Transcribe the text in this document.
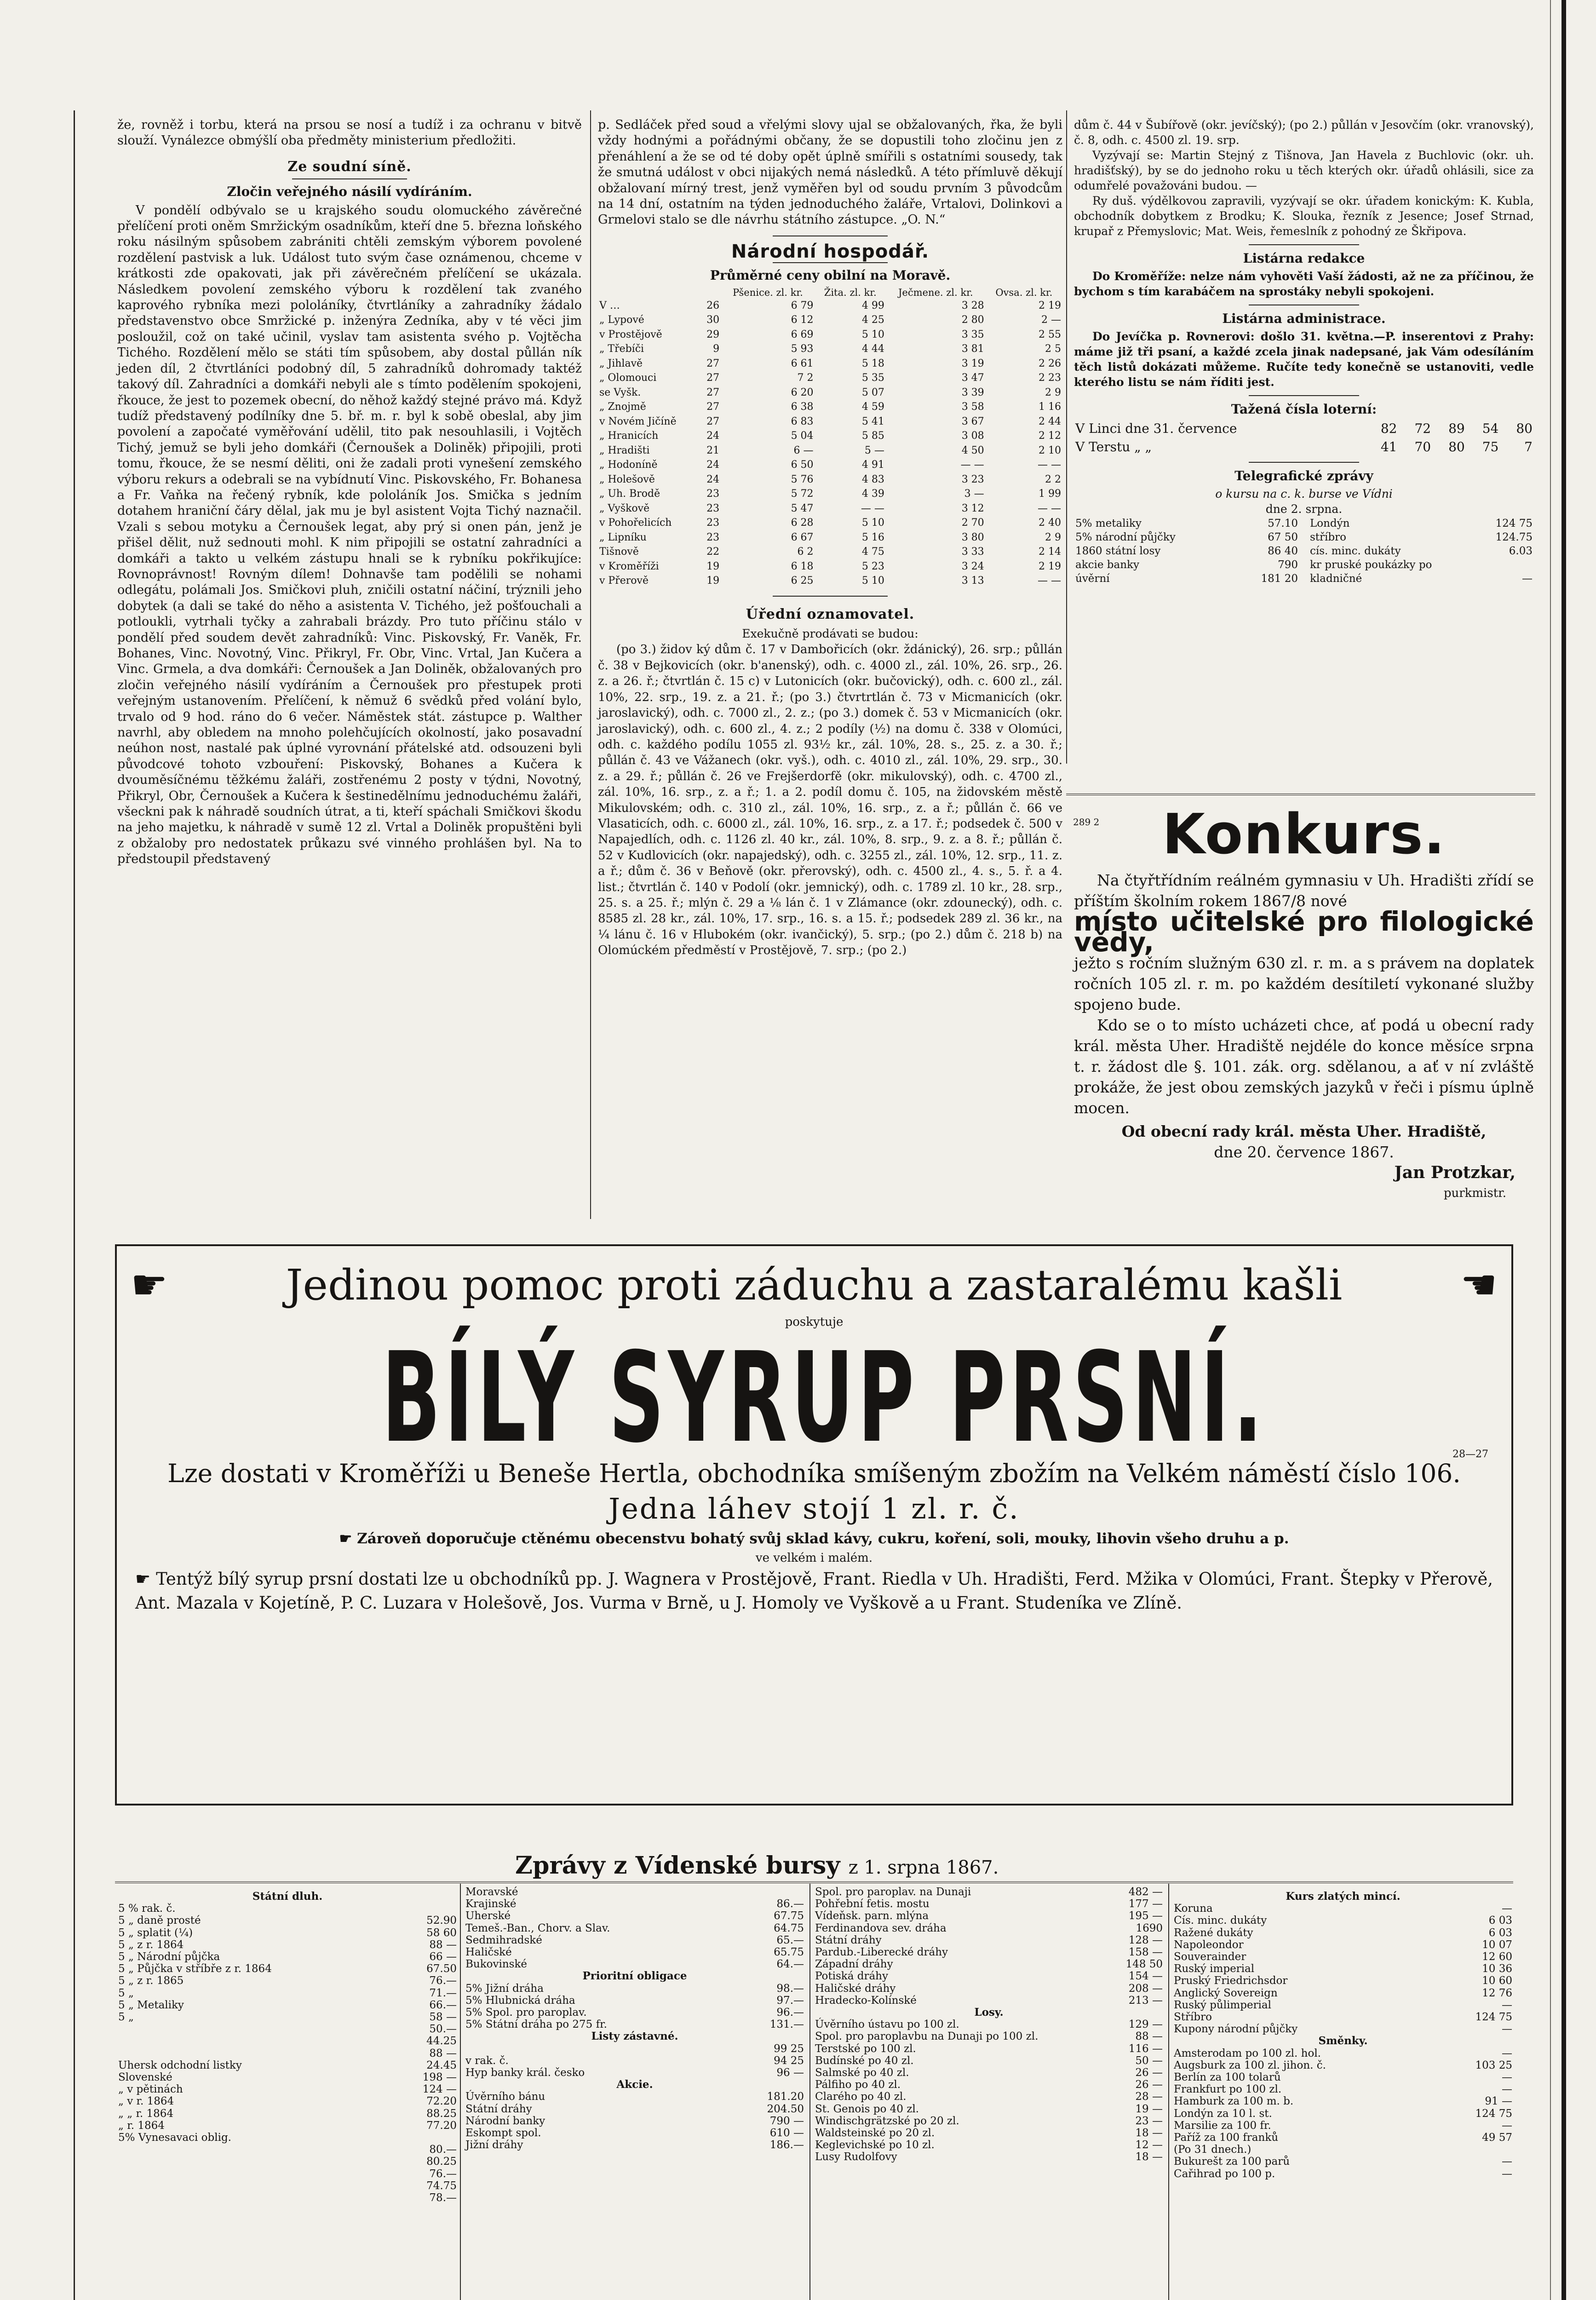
že, rovněž i torbu, která na prsou se nosí a tudíž i za ochranu v bitvě slouží. Vynálezce obmýšlí oba předměty ministerium předložiti.

Ze soudní síně.
Zločin veřejného násilí vydíráním.

V pondělí odbývalo se u krajského soudu olomuckého závěrečné přelíčení proti oněm Smržickým osadníkům, kteří dne 5. března loňského roku násilným spůsobem zabrániti chtěli zemským výborem povolené rozdělení pastvisk a luk. Událost tuto svým čase oznámenou, chceme v krátkosti zde opakovati, jak při závěrečném přelíčení se ukázala. Následkem povolení zemského výboru k rozdělení tak zvaného kaprového rybníka mezi pololáníky, čtvrtláníky a zahradníky žádalo představenstvo obce Smržické p. inženýra Zedníka, aby v té věci jim posloužil, což on také učinil, vyslav tam asistenta svého p. Vojtěcha Tichého. Rozdělení mělo se státi tím spůsobem, aby dostal půllán ník jeden díl, 2 čtvrtláníci podobný díl, 5 zahradníků dohromady taktéž takový díl. Zahradníci a domkáři nebyli ale s tímto podělením spokojeni, řkouce, že jest to pozemek obecní, do něhož každý stejné právo má. Když tudíž představený podílníky dne 5. bř. m. r. byl k sobě obeslal, aby jim povolení a započaté vyměřování udělil, tito pak nesouhlasili, i Vojtěch Tichý, jemuž se byli jeho domkáři (Černoušek a Doliněk) připojili, proti tomu, řkouce, že se nesmí děliti, oni že zadali proti vynešení zemského výboru rekurs a odebrali se na vybídnutí Vinc. Piskovského, Fr. Bohanesa a Fr. Vaňka na řečený rybník, kde pololáník Jos. Smička s jedním dotahem hraniční čáry dělal, jak mu je byl asistent Vojta Tichý naznačil. Vzali s sebou motyku a Černoušek legat, aby prý si onen pán, jenž je přišel dělit, nuž sednouti mohl. K nim připojili se ostatní zahradníci a domkáři a takto u velkém zástupu hnali se k rybníku pokřikujíce: Rovnoprávnost! Rovným dílem! Dohnavše tam podělili se nohami odlegátu, polámali Jos. Smičkovi pluh, zničili ostatní náčiní, trýznili jeho dobytek (a dali se také do něho a asistenta V. Tichého, jež pošťouchali a potloukli, vytrhali tyčky a zahrabali brázdy. Pro tuto příčinu stálo v pondělí před soudem devět zahradníků: Vinc. Piskovský, Fr. Vaněk, Fr. Bohanes, Vinc. Novotný, Vinc. Přikryl, Fr. Obr, Vinc. Vrtal, Jan Kučera a Vinc. Grmela, a dva domkáři: Černoušek a Jan Doliněk, obžalovaných pro zločin veřejného násilí vydíráním a Černoušek pro přestupek proti veřejným ustanovením. Přelíčení, k němuž 6 svědků před volání bylo, trvalo od 9 hod. ráno do 6 večer. Náměstek stát. zástupce p. Walther navrhl, aby obledem na mnoho polehčujících okolností, jako posavadní neúhon nost, nastalé pak úplné vyrovnání přátelské atd. odsouzeni byli původcové tohoto vzbouření: Piskovský, Bohanes a Kučera k dvouměsíčnému těžkému žaláři, zostřenému 2 posty v týdni, Novotný, Přikryl, Obr, Černoušek a Kučera k šestinedělnímu jednoduchému žaláři, všeckni pak k náhradě soudních útrat, a ti, kteří spáchali Smičkovi škodu na jeho majetku, k náhradě v sumě 12 zl. Vrtal a Doliněk propuštěni byli z obžaloby pro nedostatek průkazu své vinného prohlášen byl. Na to předstoupil představený

p. Sedláček před soud a vřelými slovy ujal se obžalovaných, řka, že byli vždy hodnými a pořádnými občany, že se dopustili toho zločinu jen z přenáhlení a že se od té doby opět úplně smířili s ostatními sousedy, tak že smutná událost v obci nijakých nemá následků. A této přímluvě děkují obžalovaní mírný trest, jenž vyměřen byl od soudu prvním 3 původcům na 14 dní, ostatním na týden jednoduchého žaláře, Vrtalovi, Dolinkovi a Grmelovi stalo se dle návrhu státního zástupce. „O. N.“

Národní hospodář.
Průměrné ceny obilní na Moravě.
		Pšenice. zl. kr.	Žita. zl. kr.	Ječmene. zl. kr.	Ovsa. zl. kr.
V …	26	6 79	4 99	3 28	2 19
„ Lypové	30	6 12	4 25	2 80	2 —
v Prostějově	29	6 69	5 10	3 35	2 55
„ Třebíči	9	5 93	4 44	3 81	2 5
„ Jihlavě	27	6 61	5 18	3 19	2 26
„ Olomouci	27	7 2	5 35	3 47	2 23
se Vyšk.	27	6 20	5 07	3 39	2 9
„ Znojmě	27	6 38	4 59	3 58	1 16
v Novém Jičíně	27	6 83	5 41	3 67	2 44
„ Hranicích	24	5 04	5 85	3 08	2 12
„ Hradišti	21	6 —	5 —	4 50	2 10
„ Hodoníně	24	6 50	4 91	— —	— —
„ Holešově	24	5 76	4 83	3 23	2 2
„ Uh. Brodě	23	5 72	4 39	3 —	1 99
„ Vyškově	23	5 47	— —	3 12	— —
v Pohořelicích	23	6 28	5 10	2 70	2 40
„ Lipníku	23	6 67	5 16	3 80	2 9
Tišnově	22	6 2	4 75	3 33	2 14
v Kroměříži	19	6 18	5 23	3 24	2 19
v Přerově	19	6 25	5 10	3 13	— —
Úřední oznamovatel.
Exekučně prodávati se budou:

(po 3.) židov ký dům č. 17 v Dambořicích (okr. ždánický), 26. srp.; půllán č. 38 v Bejkovicích (okr. b'anenský), odh. c. 4000 zl., zál. 10%, 26. srp., 26. z. a 26. ř.; čtvrtlán č. 15 c) v Lutonicích (okr. bučovický), odh. c. 600 zl., zál. 10%, 22. srp., 19. z. a 21. ř.; (po 3.) čtvrtrtlán č. 73 v Micmanicích (okr. jaroslavický), odh. c. 7000 zl., 2. z.; (po 3.) domek č. 53 v Micmanicích (okr. jaroslavický), odh. c. 600 zl., 4. z.; 2 podíly (½) na domu č. 338 v Olomúci, odh. c. každého podílu 1055 zl. 93½ kr., zál. 10%, 28. s., 25. z. a 30. ř.; půllán č. 43 ve Vážanech (okr. vyš.), odh. c. 4010 zl., zál. 10%, 29. srp., 30. z. a 29. ř.; půllán č. 26 ve Frejšerdorfě (okr. mikulovský), odh. c. 4700 zl., zál. 10%, 16. srp., z. a ř.; 1. a 2. podíl domu č. 105, na židovském městě Mikulovském; odh. c. 310 zl., zál. 10%, 16. srp., z. a ř.; půllán č. 66 ve Vlasaticích, odh. c. 6000 zl., zál. 10%, 16. srp., z. a 17. ř.; podsedek č. 500 v Napajedlích, odh. c. 1126 zl. 40 kr., zál. 10%, 8. srp., 9. z. a 8. ř.; půllán č. 52 v Kudlovicích (okr. napajedský), odh. c. 3255 zl., zál. 10%, 12. srp., 11. z. a ř.; dům č. 36 v Beňově (okr. přerovský), odh. c. 4500 zl., 4. s., 5. ř. a 4. list.; čtvrtlán č. 140 v Podolí (okr. jemnický), odh. c. 1789 zl. 10 kr., 28. srp., 25. s. a 25. ř.; mlýn č. 29 a ⅛ lán č. 1 v Zlámance (okr. zdounecký), odh. c. 8585 zl. 28 kr., zál. 10%, 17. srp., 16. s. a 15. ř.; podsedek 289 zl. 36 kr., na ¼ lánu č. 16 v Hlubokém (okr. ivančický), 5. srp.; (po 2.) dům č. 218 b) na Olomúckém předměstí v Prostějově, 7. srp.; (po 2.)

dům č. 44 v Šubířově (okr. jevíčský); (po 2.) půllán v Jesovčím (okr. vranovský), č. 8, odh. c. 4500 zl. 19. srp.

Vyzývají se: Martin Stejný z Tišnova, Jan Havela z Buchlovic (okr. uh. hradišťský), by se do jednoho roku u těch kterých okr. úřadů ohlásili, sice za odumřelé považováni budou. —

Ry duš. výdělkovou zapravili, vyzývají se okr. úřadem konickým: K. Kubla, obchodník dobytkem z Brodku; K. Sloukа, řezník z Jesence; Josef Strnad, krupař z Přemyslovic; Mat. Weis, řemeslník z pohodný ze Škřipova.

Listárna redakce

Do Kroměříže: nelze nám vyhověti Vaší žádosti, až ne za příčinou, že bychom s tím karabáčem na sprostáky nebyli spokojeni.

Listárna administrace.

Do Jevíčka p. Rovnerovi: došlo 31. května.—P. inserentovi z Prahy: máme již tři psaní, a každé zcela jinak nadepsané, jak Vám odesíláním těch listů dokázati můžeme. Ručíte tedy konečně se ustanoviti, vedle kterého listu se nám říditi jest.

Tažená čísla loterní:
V Linci dne 31. července	82	72	89	54	80
V Terstu „ „	41	70	80	75	7
Telegrafické zprávy
o kursu na c. k. burse ve Vídni
dne 2. srpna.
5% metaliky	57.10
5% národní půjčky	67 50
1860 státní losy	86 40
akcie banky	790
úvěrní	181 20
Londýn	124 75
stříbro	124.75
cís. minc. dukáty	6.03
kr pruské poukázky po	
kladničné	—
289 2	Konkurs.
Na čtyřtřídním reálném gymnasiu v Uh. Hradišti zřídí se příštím školním rokem 1867/8 nové
místo učitelské pro filologické vědy,
ježto s ročním služným 630 zl. r. m. a s právem na doplatek ročních 105 zl. r. m. po každém desítiletí vykonané služby spojeno bude.
Kdo se o to místo ucházeti chce, ať podá u obecní rady král. města Uher. Hradiště nejdéle do konce měsíce srpna t. r. žádost dle §. 101. zák. org. sdělanou, a ať v ní zvláště prokáže, že jest obou zemských jazyků v řeči i písmu úplně mocen.
Od obecní rady král. města Uher. Hradiště,
dne 20. července 1867.
Jan Protzkar,
purkmistr.
☛	Jedinou pomoc proti záduchu a zastaralému kašli	☛
poskytuje
BÍLÝ SYRUP PRSNÍ.	28—27
Lze dostati v Kroměříži u Beneše Hertla, obchodníka smíšeným zbožím na Velkém náměstí číslo 106.
Jedna láhev stojí 1 zl. r. č.
☛ Zároveň doporučuje ctěnému obecenstvu bohatý svůj sklad kávy, cukru, koření, soli, mouky, lihovin všeho druhu a p.
ve velkém i malém.
☛ Tentýž bílý syrup prsní dostati lze u obchodníků pp. J. Wagnera v Prostějově, Frant. Riedla v Uh. Hradišti, Ferd. Mžika v Olomúci, Frant. Štepky v Přerově, Ant. Mazala v Kojetíně, P. C. Luzara v Holešově, Jos. Vurma v Brně, u J. Homoly ve Vyškově a u Frant. Studeníka ve Zlíně.
Zprávy z Vídenské bursy z 1. srpna 1867.
Státní dluh.
5 % rak. č.	
5 „ daně prosté	52.90
5 „ splatit (¼)	58 60
5 „ z r. 1864	88 —
5 „ Národní půjčka	66 —
5 „ Půjčka v stříbře z r. 1864	67.50
5 „ z r. 1865	76.—
5 „	71.—
5 „ Metaliky	66.—
5 „	58 —
	50.—
	44.25
	88 —
Uhersk odchodní listky	24.45
Slovenské	198 —
„ v pětinách	124 —
„ v r. 1864	72.20
„ „ r. 1864	88.25
„ r. 1864	77.20
5% Vynesavaci oblig.	
	80.—
	80.25
	76.—
	74.75
	78.—
Moravské	
Krajinské	86.—
Uherské	67.75
Temeš.-Ban., Chorv. a Slav.	64.75
Sedmihradské	65.—
Haličské	65.75
Bukovinské	64.—
Prioritní obligace	
5% Jižní dráha	98.—
5% Hlubnická dráha	97.—
5% Spol. pro paroplav.	96.—
5% Státní dráha po 275 fr.	131.—
Listy zástavné.	
	99 25
v rak. č.	94 25
Hyp banky král. česko	96 —
Akcie.	
Úvěrního bánu	181.20
Státní dráhy	204.50
Národní banky	790 —
Eskompt spol.	610 —
Jižní dráhy	186.—
Spol. pro paroplav. na Dunaji	482 —
Pohřební fetis. mostu	177 —
Vídeňsk. parn. mlýna	195 —
Ferdinandova sev. dráha	1690
Státní dráhy	128 —
Pardub.-Liberecké dráhy	158 —
Západní dráhy	148 50
Potiská dráhy	154 —
Haličské dráhy	208 —
Hradecko-Kolínské	213 —
Losy.	
Úvěrního ústavu po 100 zl.	129 —
Spol. pro paroplavbu na Dunaji po 100 zl.	88 —
Terstské po 100 zl.	116 —
Budínské po 40 zl.	50 —
Salmské po 40 zl.	26 —
Pálfiho po 40 zl.	26 —
Clarého po 40 zl.	28 —
St. Genois po 40 zl.	19 —
Windischgrätzské po 20 zl.	23 —
Waldsteinské po 20 zl.	18 —
Keglevichské po 10 zl.	12 —
Lusy Rudolfovy	18 —
Kurs zlatých mincí.
Koruna	—
Cís. minc. dukáty	6 03
Ražené dukáty	6 03
Napoleondor	10 07
Souverainder	12 60
Ruský imperial	10 36
Pruský Friedrichsdor	10 60
Anglický Sovereign	12 76
Ruský půlimperial	—
Stříbro	124 75
Kupony národní půjčky	—
Směnky.	
Amsterodam po 100 zl. hol.	—
Augsburk za 100 zl. jihon. č.	103 25
Berlín za 100 tolarů	—
Frankfurt po 100 zl.	—
Hamburk za 100 m. b.	91 —
Londýn za 10 l. st.	124 75
Marsilie za 100 fr.	—
Paříž za 100 franků	49 57
(Po 31 dnech.)	
Bukurešt za 100 parů	—
Cařihrad po 100 p.	—
